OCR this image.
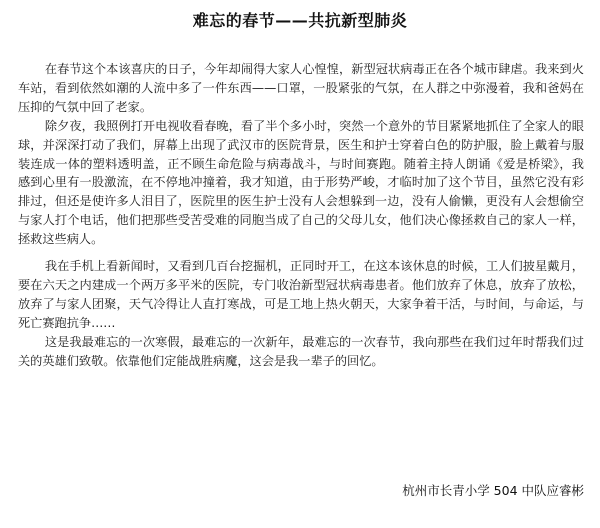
难忘的春节——共抗新型肺炎

在春节这个本该喜庆的日子，今年却闹得大家人心惶惶，新型冠状病毒正在各个城市肆虐。我来到火车站，看到依然如潮的人流中多了一件东西——口罩，一股紧张的气氛，在人群之中弥漫着，我和爸妈在压抑的气氛中回了老家。

除夕夜，我照例打开电视收看春晚，看了半个多小时，突然一个意外的节目紧紧地抓住了全家人的眼球，并深深打动了我们，屏幕上出现了武汉市的医院背景，医生和护士穿着白色的防护服，脸上戴着与服装连成一体的塑料透明盖，正不顾生命危险与病毒战斗，与时间赛跑。随着主持人朗诵《爱是桥梁》，我感到心里有一股激流，在不停地冲撞着，我才知道，由于形势严峻，才临时加了这个节目，虽然它没有彩排过，但还是使许多人泪目了，医院里的医生护士没有人会想躲到一边，没有人偷懒，更没有人会想偷空与家人打个电话，他们把那些受苦受难的同胞当成了自己的父母儿女，他们决心像拯救自己的家人一样，拯救这些病人。

我在手机上看新闻时，又看到几百台挖掘机，正同时开工，在这本该休息的时候，工人们披星戴月，要在六天之内建成一个两万多平米的医院，专门收治新型冠状病毒患者。他们放弃了休息，放弃了放松，放弃了与家人团聚，天气冷得让人直打寒战，可是工地上热火朝天，大家争着干活，与时间，与命运，与死亡赛跑抗争……

这是我最难忘的一次寒假，最难忘的一次新年，最难忘的一次春节，我向那些在我们过年时帮我们过关的英雄们致敬。依靠他们定能战胜病魔，这会是我一辈子的回忆。

杭州市长青小学 504 中队应睿彬
